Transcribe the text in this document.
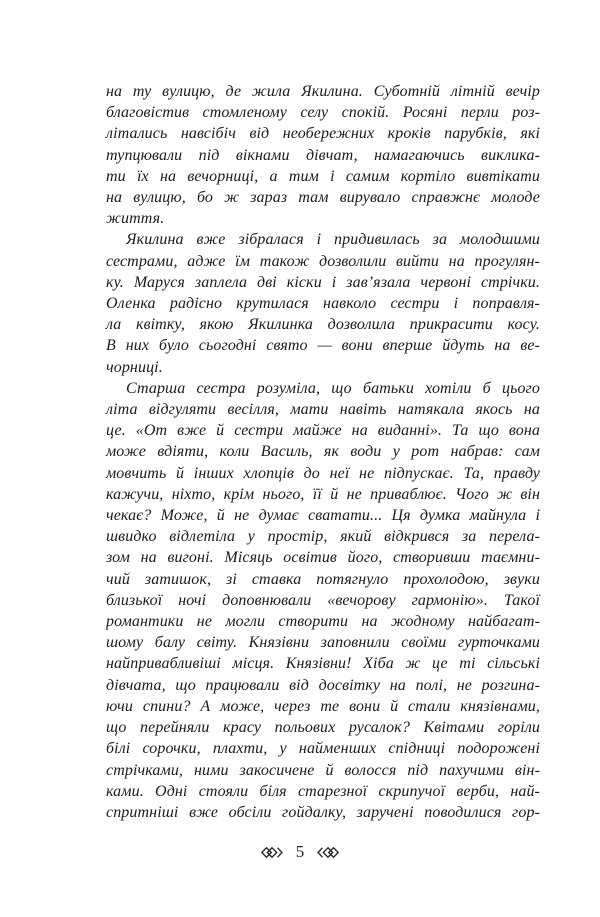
на ту вулицю, де жила Якилина. Суботній літній вечір
благовістив стомленому селу спокій. Росяні перли роз-
літались навсібіч від необережних кроків парубків, які
тупцювали під вікнами дівчат, намагаючись виклика-
ти їх на вечорниці, а тим і самим кортіло вивтікати
на вулицю, бо ж зараз там вирувало справжнє молоде
життя.
Якилина вже зібралася і придивилась за молодшими
сестрами, адже їм також дозволили вийти на прогулян-
ку. Маруся заплела дві кіски і зав’язала червоні стрічки.
Оленка радісно крутилася навколо сестри і поправля-
ла квітку, якою Якилинка дозволила прикрасити косу.
В них було сьогодні свято — вони вперше йдуть на ве-
чорниці.
Старша сестра розуміла, що батьки хотіли б цього
літа відгуляти весілля, мати навіть натякала якось на
це. «От вже й сестри майже на виданні». Та що вона
може вдіяти, коли Василь, як води у рот набрав: сам
мовчить й інших хлопців до неї не підпускає. Та, правду
кажучи, ніхто, крім нього, її й не приваблює. Чого ж він
чекає? Може, й не думає сватати... Ця думка майнула і
швидко відлетіла у простір, який відкрився за перела-
зом на вигоні. Місяць освітив його, створивши таємни-
чий затишок, зі ставка потягнуло прохолодою, звуки
близької ночі доповнювали «вечорову гармонію». Такої
романтики не могли створити на жодному найбагат-
шому балу світу. Князівни заповнили своїми гурточками
найпривабливіші місця. Князівни! Хіба ж це ті сільські
дівчата, що працювали від досвітку на полі, не розгина-
ючи спини? А може, через те вони й стали князівнами,
що перейняли красу польових русалок? Квітами горіли
білі сорочки, плахти, у найменших спідниці подорожені
стрічками, ними закосичене й волосся під пахучими він-
ками. Одні стояли біля старезної скрипучої верби, най-
спритніші вже обсіли гойдалку, заручені поводилися гор-
5
